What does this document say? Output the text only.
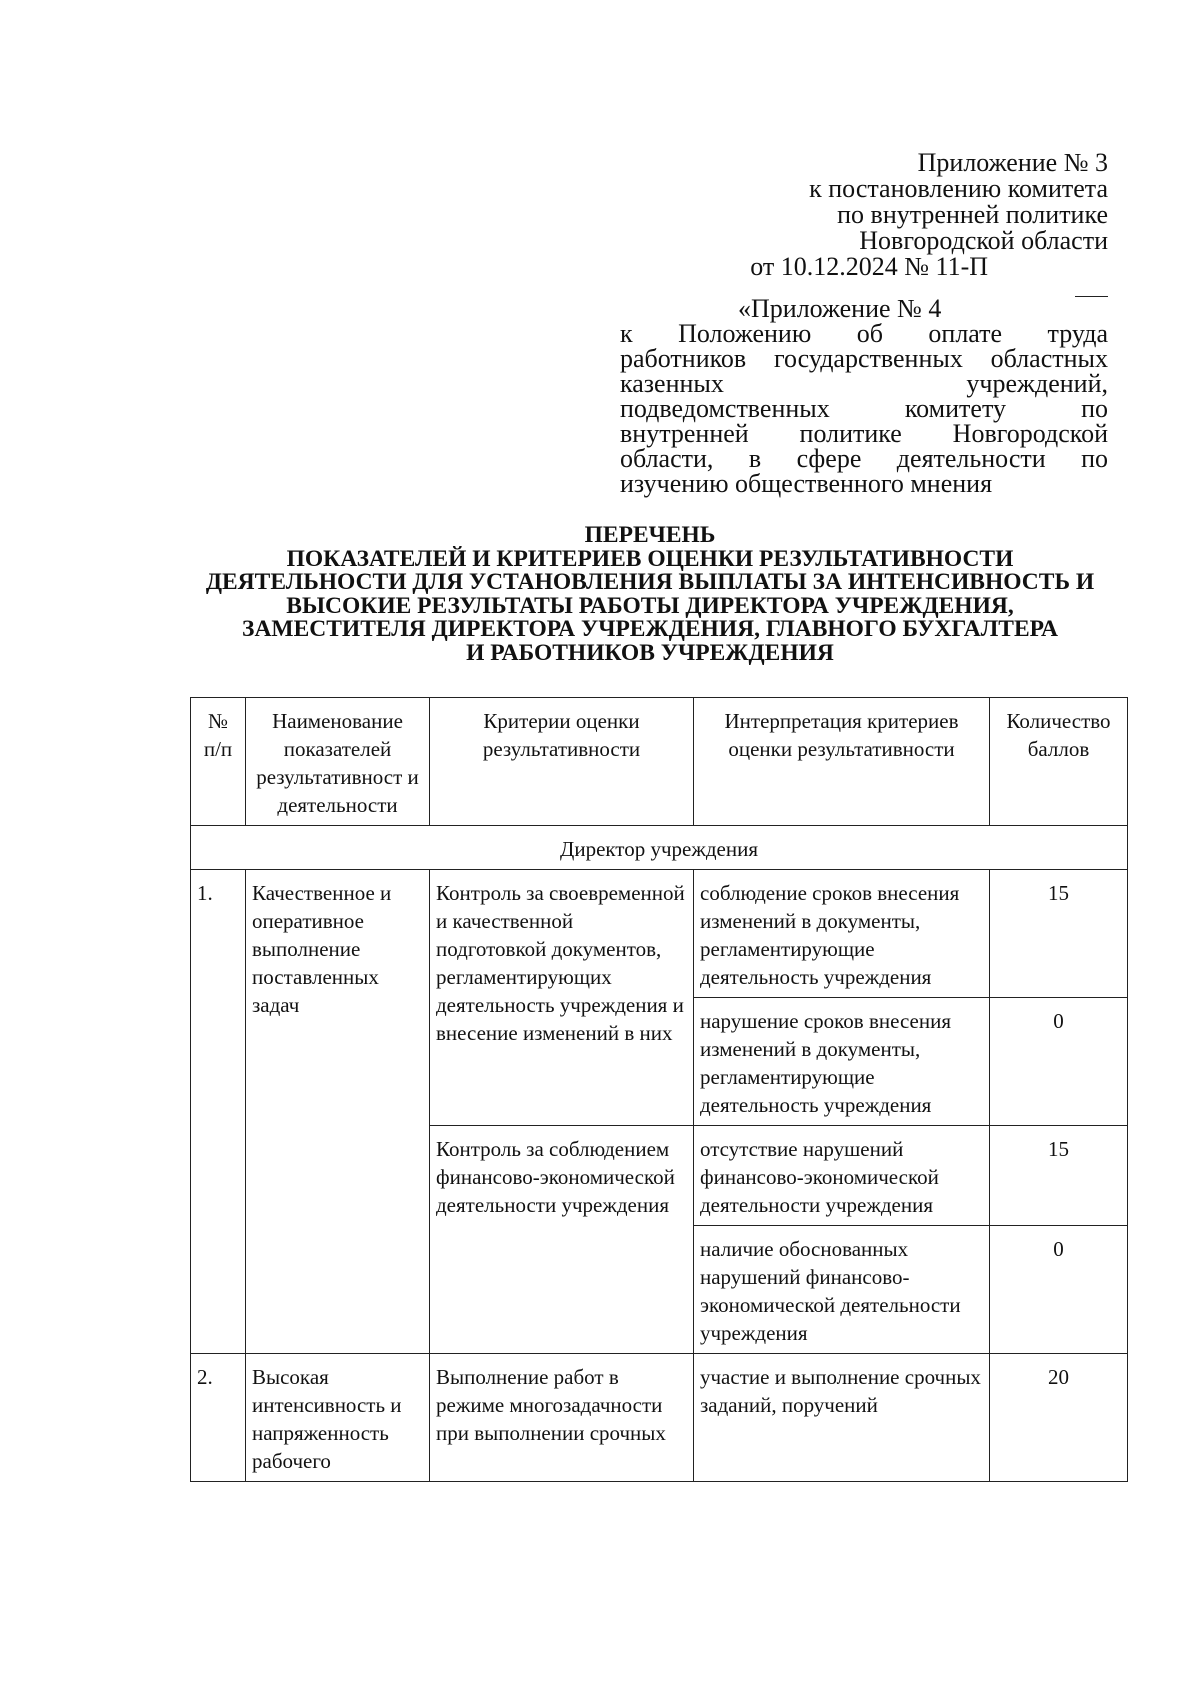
Приложение № 3
к постановлению комитета
по внутренней политике
Новгородской области
от 10.12.2024 № 11-П
«Приложение № 4
к Положению об оплате труда
работников государственных областных
казенных учреждений,
подведомственных комитету по
внутренней политике Новгородской
области, в сфере деятельности по
изучению общественного мнения
ПЕРЕЧЕНЬ
ПОКАЗАТЕЛЕЙ И КРИТЕРИЕВ ОЦЕНКИ РЕЗУЛЬТАТИВНОСТИ
ДЕЯТЕЛЬНОСТИ ДЛЯ УСТАНОВЛЕНИЯ ВЫПЛАТЫ ЗА ИНТЕНСИВНОСТЬ И
ВЫСОКИЕ РЕЗУЛЬТАТЫ РАБОТЫ ДИРЕКТОРА УЧРЕЖДЕНИЯ,
ЗАМЕСТИТЕЛЯ ДИРЕКТОРА УЧРЕЖДЕНИЯ, ГЛАВНОГО БУХГАЛТЕРА
И РАБОТНИКОВ УЧРЕЖДЕНИЯ
№ п/п	Наименование показателей результативност и деятельности	Критерии оценки результативности	Интерпретация критериев оценки результативности	Количество баллов
Директор учреждения				
1.	Качественное и оперативное выполнение поставленных задач	Контроль за своевременной и качественной подготовкой документов, регламентирующих деятельность учреждения и внесение изменений в них	соблюдение сроков внесения изменений в документы, регламентирующие деятельность учреждения	15
			нарушение сроков внесения изменений в документы, регламентирующие деятельность учреждения	0
		Контроль за соблюдением финансово-экономической деятельности учреждения	отсутствие нарушений финансово-экономической деятельности учреждения	15
			наличие обоснованных нарушений финансово-экономической деятельности учреждения	0
2.	Высокая интенсивность и напряженность рабочего	Выполнение работ в режиме многозадачности при выполнении срочных	участие и выполнение срочных заданий, поручений	20
